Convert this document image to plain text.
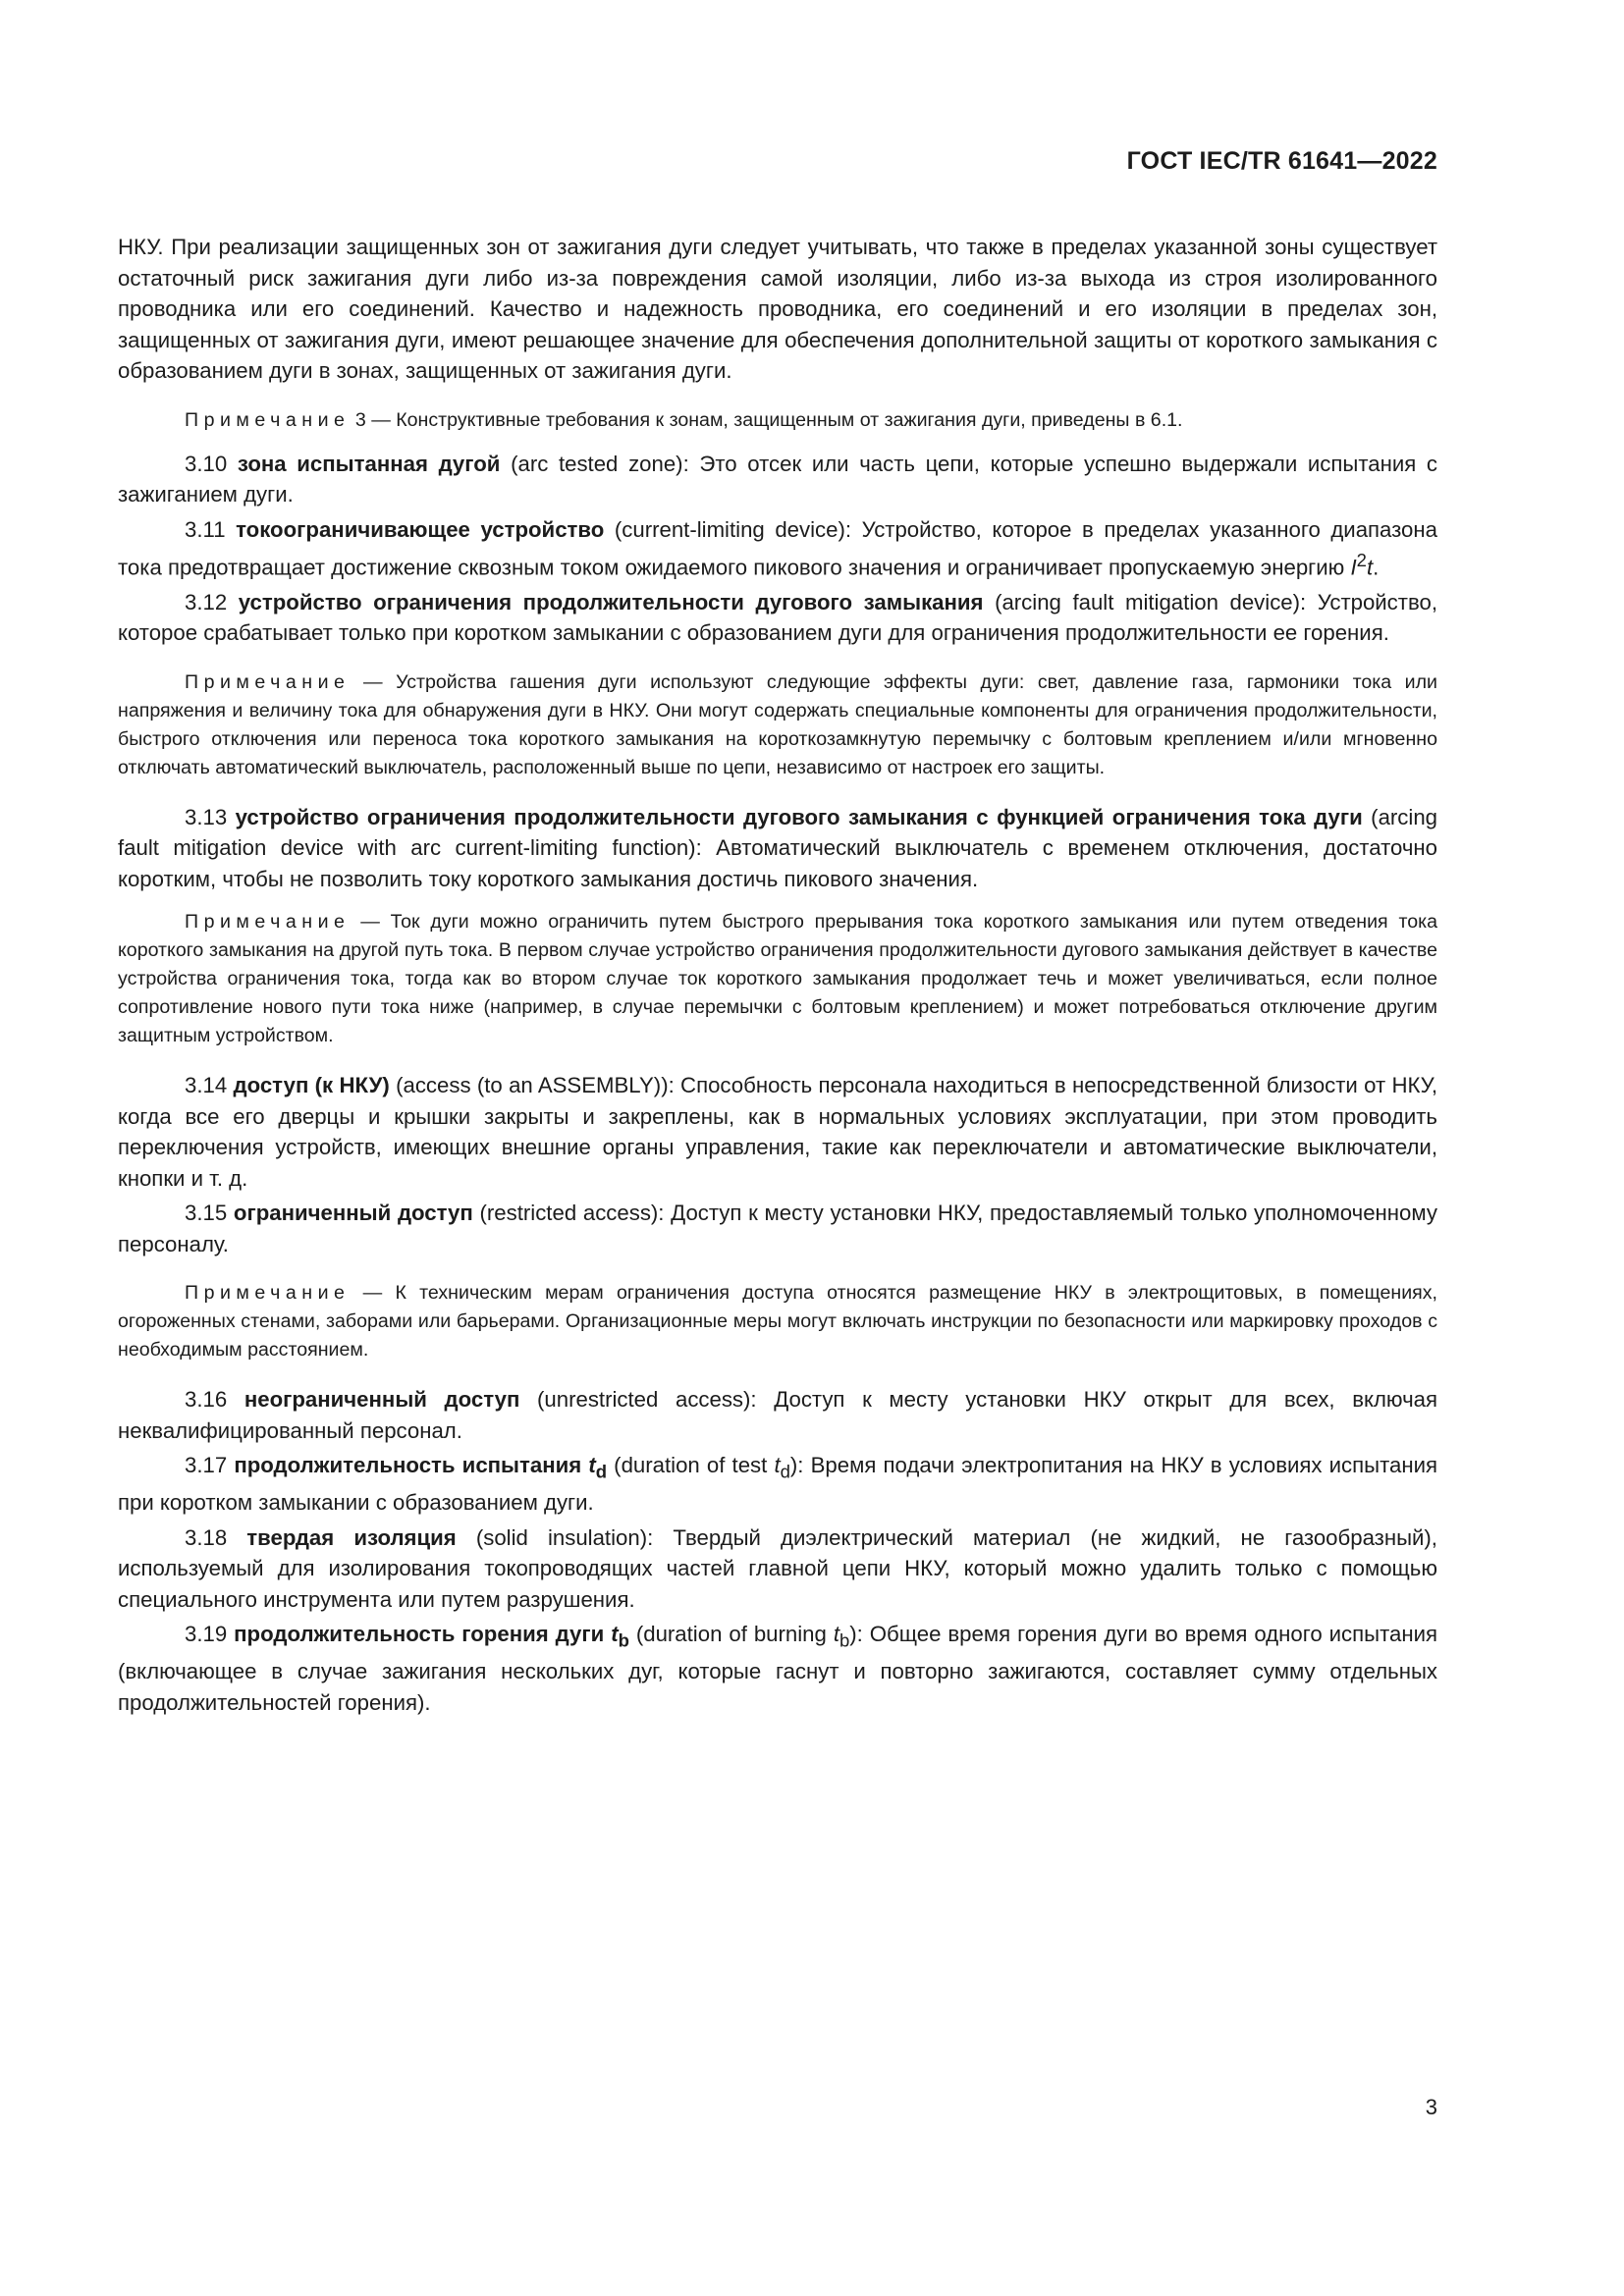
ГОСТ IEC/TR 61641—2022

НКУ. При реализации защищенных зон от зажигания дуги следует учитывать, что также в пределах указанной зоны существует остаточный риск зажигания дуги либо из-за повреждения самой изоляции, либо из-за выхода из строя изолированного проводника или его соединений. Качество и надежность проводника, его соединений и его изоляции в пределах зон, защищенных от зажигания дуги, имеют решающее значение для обеспечения дополнительной защиты от короткого замыкания с образованием дуги в зонах, защищенных от зажигания дуги.

Примечание 3 — Конструктивные требования к зонам, защищенным от зажигания дуги, приведены в 6.1.

3.10 зона испытанная дугой (arc tested zone): Это отсек или часть цепи, которые успешно выдержали испытания с зажиганием дуги.

3.11 токоограничивающее устройство (current-limiting device): Устройство, которое в пределах указанного диапазона тока предотвращает достижение сквозным током ожидаемого пикового значения и ограничивает пропускаемую энергию $I^2t$.

3.12 устройство ограничения продолжительности дугового замыкания (arcing fault mitigation device): Устройство, которое срабатывает только при коротком замыкании с образованием дуги для ограничения продолжительности ее горения.

Примечание — Устройства гашения дуги используют следующие эффекты дуги: свет, давление газа, гармоники тока или напряжения и величину тока для обнаружения дуги в НКУ. Они могут содержать специальные компоненты для ограничения продолжительности, быстрого отключения или переноса тока короткого замыкания на короткозамкнутую перемычку с болтовым креплением и/или мгновенно отключать автоматический выключатель, расположенный выше по цепи, независимо от настроек его защиты.

3.13 устройство ограничения продолжительности дугового замыкания с функцией ограничения тока дуги (arcing fault mitigation device with arc current-limiting function): Автоматический выключатель с временем отключения, достаточно коротким, чтобы не позволить току короткого замыкания достичь пикового значения.

Примечание — Ток дуги можно ограничить путем быстрого прерывания тока короткого замыкания или путем отведения тока короткого замыкания на другой путь тока. В первом случае устройство ограничения продолжительности дугового замыкания действует в качестве устройства ограничения тока, тогда как во втором случае ток короткого замыкания продолжает течь и может увеличиваться, если полное сопротивление нового пути тока ниже (например, в случае перемычки с болтовым креплением) и может потребоваться отключение другим защитным устройством.

3.14 доступ (к НКУ) (access (to an ASSEMBLY)): Способность персонала находиться в непосредственной близости от НКУ, когда все его дверцы и крышки закрыты и закреплены, как в нормальных условиях эксплуатации, при этом проводить переключения устройств, имеющих внешние органы управления, такие как переключатели и автоматические выключатели, кнопки и т. д.

3.15 ограниченный доступ (restricted access): Доступ к месту установки НКУ, предоставляемый только уполномоченному персоналу.

Примечание — К техническим мерам ограничения доступа относятся размещение НКУ в электрощитовых, в помещениях, огороженных стенами, заборами или барьерами. Организационные меры могут включать инструкции по безопасности или маркировку проходов с необходимым расстоянием.

3.16 неограниченный доступ (unrestricted access): Доступ к месту установки НКУ открыт для всех, включая неквалифицированный персонал.

3.17 продолжительность испытания $t_d$ (duration of test $t_d$): Время подачи электропитания на НКУ в условиях испытания при коротком замыкании с образованием дуги.

3.18 твердая изоляция (solid insulation): Твердый диэлектрический материал (не жидкий, не газообразный), используемый для изолирования токопроводящих частей главной цепи НКУ, который можно удалить только с помощью специального инструмента или путем разрушения.

3.19 продолжительность горения дуги $t_b$ (duration of burning $t_b$): Общее время горения дуги во время одного испытания (включающее в случае зажигания нескольких дуг, которые гаснут и повторно зажигаются, составляет сумму отдельных продолжительностей горения).

3
